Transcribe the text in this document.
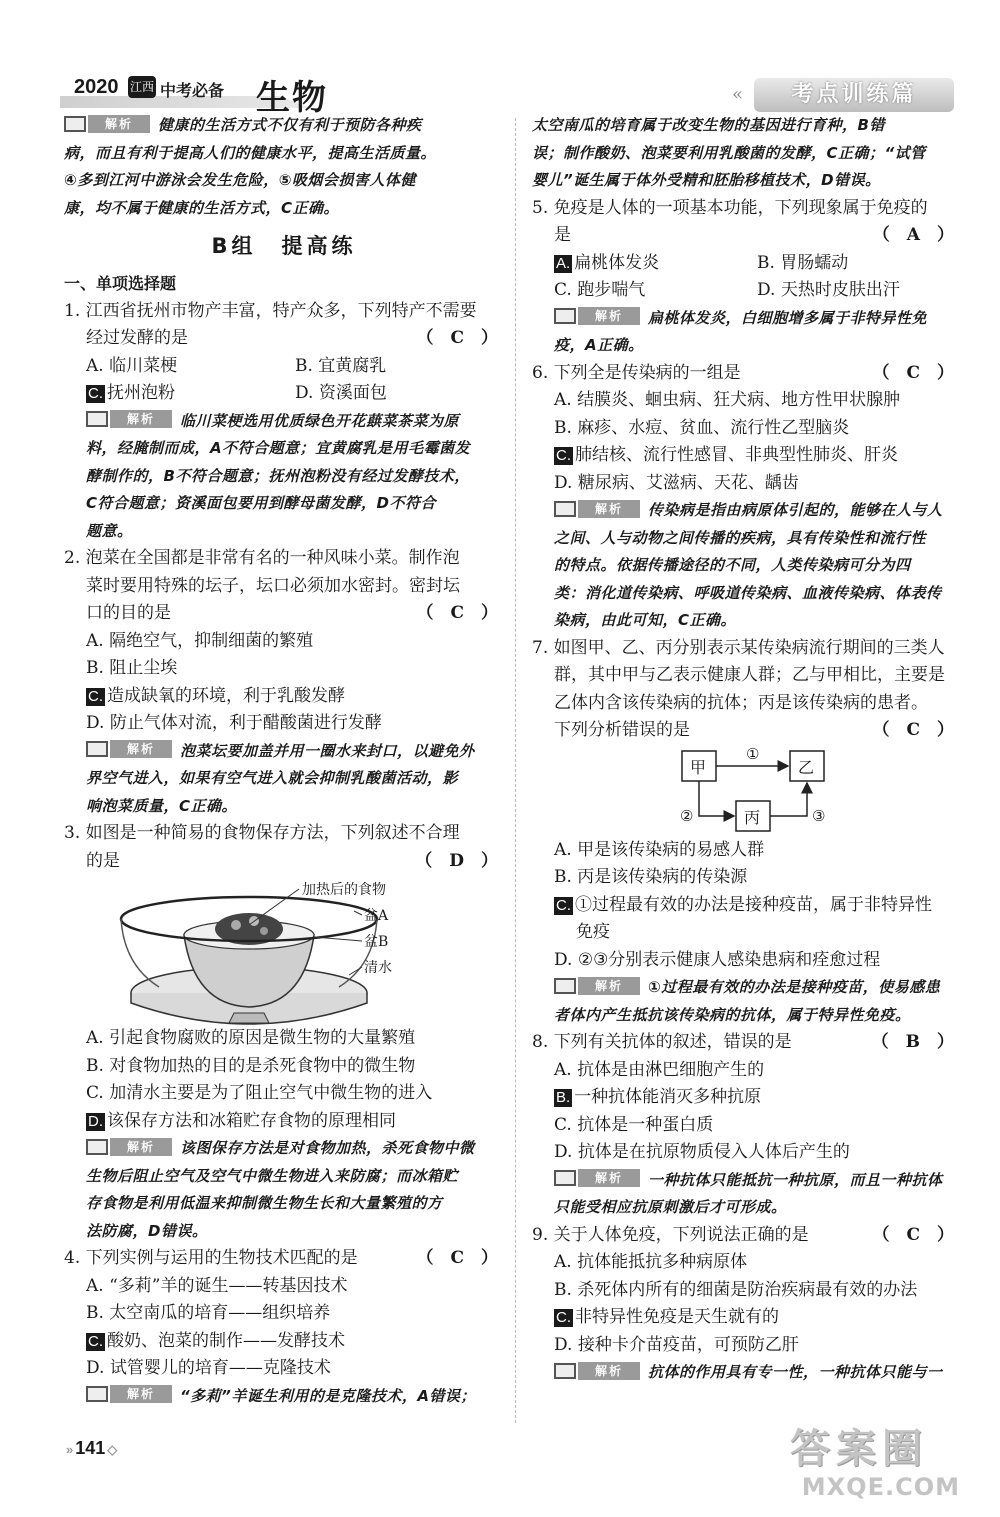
2020 江西 中考必备 生物	«	考点训练篇
解析	健康的生活方式不仅有利于预防各种疾
病，而且有利于提高人们的健康水平，提高生活质量。
④多到江河中游泳会发生危险，⑤吸烟会损害人体健
康，均不属于健康的生活方式，C正确。
B组　提高练
一、单项选择题
1. 江西省抚州市物产丰富，特产众多，下列特产不需要
经过发酵的是	（　C　）
A. 临川菜梗	B. 宜黄腐乳
C. 抚州泡粉	D. 资溪面包
解析	临川菜梗选用优质绿色开花蕻菜茶菜为原
料，经腌制而成，A不符合题意；宜黄腐乳是用毛霉菌发
酵制作的，B不符合题意；抚州泡粉没有经过发酵技术，
C符合题意；资溪面包要用到酵母菌发酵，D不符合
题意。
2. 泡菜在全国都是非常有名的一种风味小菜。制作泡
菜时要用特殊的坛子，坛口必须加水密封。密封坛
口的目的是	（　C　）
A. 隔绝空气，抑制细菌的繁殖
B. 阻止尘埃
C. 造成缺氧的环境，利于乳酸发酵
D. 防止气体对流，利于醋酸菌进行发酵
解析	泡菜坛要加盖并用一圈水来封口，以避免外
界空气进入，如果有空气进入就会抑制乳酸菌活动，影
响泡菜质量，C正确。
3. 如图是一种简易的食物保存方法，下列叙述不合理
的是	（　D　）
加热后的食物
盆A
盆B
清水
A. 引起食物腐败的原因是微生物的大量繁殖
B. 对食物加热的目的是杀死食物中的微生物
C. 加清水主要是为了阻止空气中微生物的进入
D. 该保存方法和冰箱贮存食物的原理相同
解析	该图保存方法是对食物加热，杀死食物中微
生物后阻止空气及空气中微生物进入来防腐；而冰箱贮
存食物是利用低温来抑制微生物生长和大量繁殖的方
法防腐，D错误。
4. 下列实例与运用的生物技术匹配的是	（　C　）
A. “多莉”羊的诞生——转基因技术
B. 太空南瓜的培育——组织培养
C. 酸奶、泡菜的制作——发酵技术
D. 试管婴儿的培育——克隆技术
解析	“多莉”羊诞生利用的是克隆技术，A错误；
太空南瓜的培育属于改变生物的基因进行育种，B错
误；制作酸奶、泡菜要利用乳酸菌的发酵，C正确；“试管
婴儿”诞生属于体外受精和胚胎移植技术，D错误。
5. 免疫是人体的一项基本功能，下列现象属于免疫的
是	（　A　）
A. 扁桃体发炎	B. 胃肠蠕动
C. 跑步喘气	D. 天热时皮肤出汗
解析	扁桃体发炎，白细胞增多属于非特异性免
疫，A正确。
6. 下列全是传染病的一组是	（　C　）
A. 结膜炎、蛔虫病、狂犬病、地方性甲状腺肿
B. 麻疹、水痘、贫血、流行性乙型脑炎
C. 肺结核、流行性感冒、非典型性肺炎、肝炎
D. 糖尿病、艾滋病、天花、龋齿
解析	传染病是指由病原体引起的，能够在人与人
之间、人与动物之间传播的疾病，具有传染性和流行性
的特点。依据传播途径的不同，人类传染病可分为四
类：消化道传染病、呼吸道传染病、血液传染病、体表传
染病，由此可知，C正确。
7. 如图甲、乙、丙分别表示某传染病流行期间的三类人
群，其中甲与乙表示健康人群；乙与甲相比，主要是
乙体内含该传染病的抗体；丙是该传染病的患者。
下列分析错误的是	（　C　）
甲	乙
丙
①
②	③
A. 甲是该传染病的易感人群
B. 丙是该传染病的传染源
C. ①过程最有效的办法是接种疫苗，属于非特异性
免疫
D. ②③分别表示健康人感染患病和痊愈过程
解析	①过程最有效的办法是接种疫苗，使易感患
者体内产生抵抗该传染病的抗体，属于特异性免疫。
8. 下列有关抗体的叙述，错误的是	（　B　）
A. 抗体是由淋巴细胞产生的
B. 一种抗体能消灭多种抗原
C. 抗体是一种蛋白质
D. 抗体是在抗原物质侵入人体后产生的
解析	一种抗体只能抵抗一种抗原，而且一种抗体
只能受相应抗原刺激后才可形成。
9. 关于人体免疫，下列说法正确的是	（　C　）
A. 抗体能抵抗多种病原体
B. 杀死体内所有的细菌是防治疾病最有效的办法
C. 非特异性免疫是天生就有的
D. 接种卡介苗疫苗，可预防乙肝
解析	抗体的作用具有专一性，一种抗体只能与一
» 141 ◇	答案圈
MXQE.COM
